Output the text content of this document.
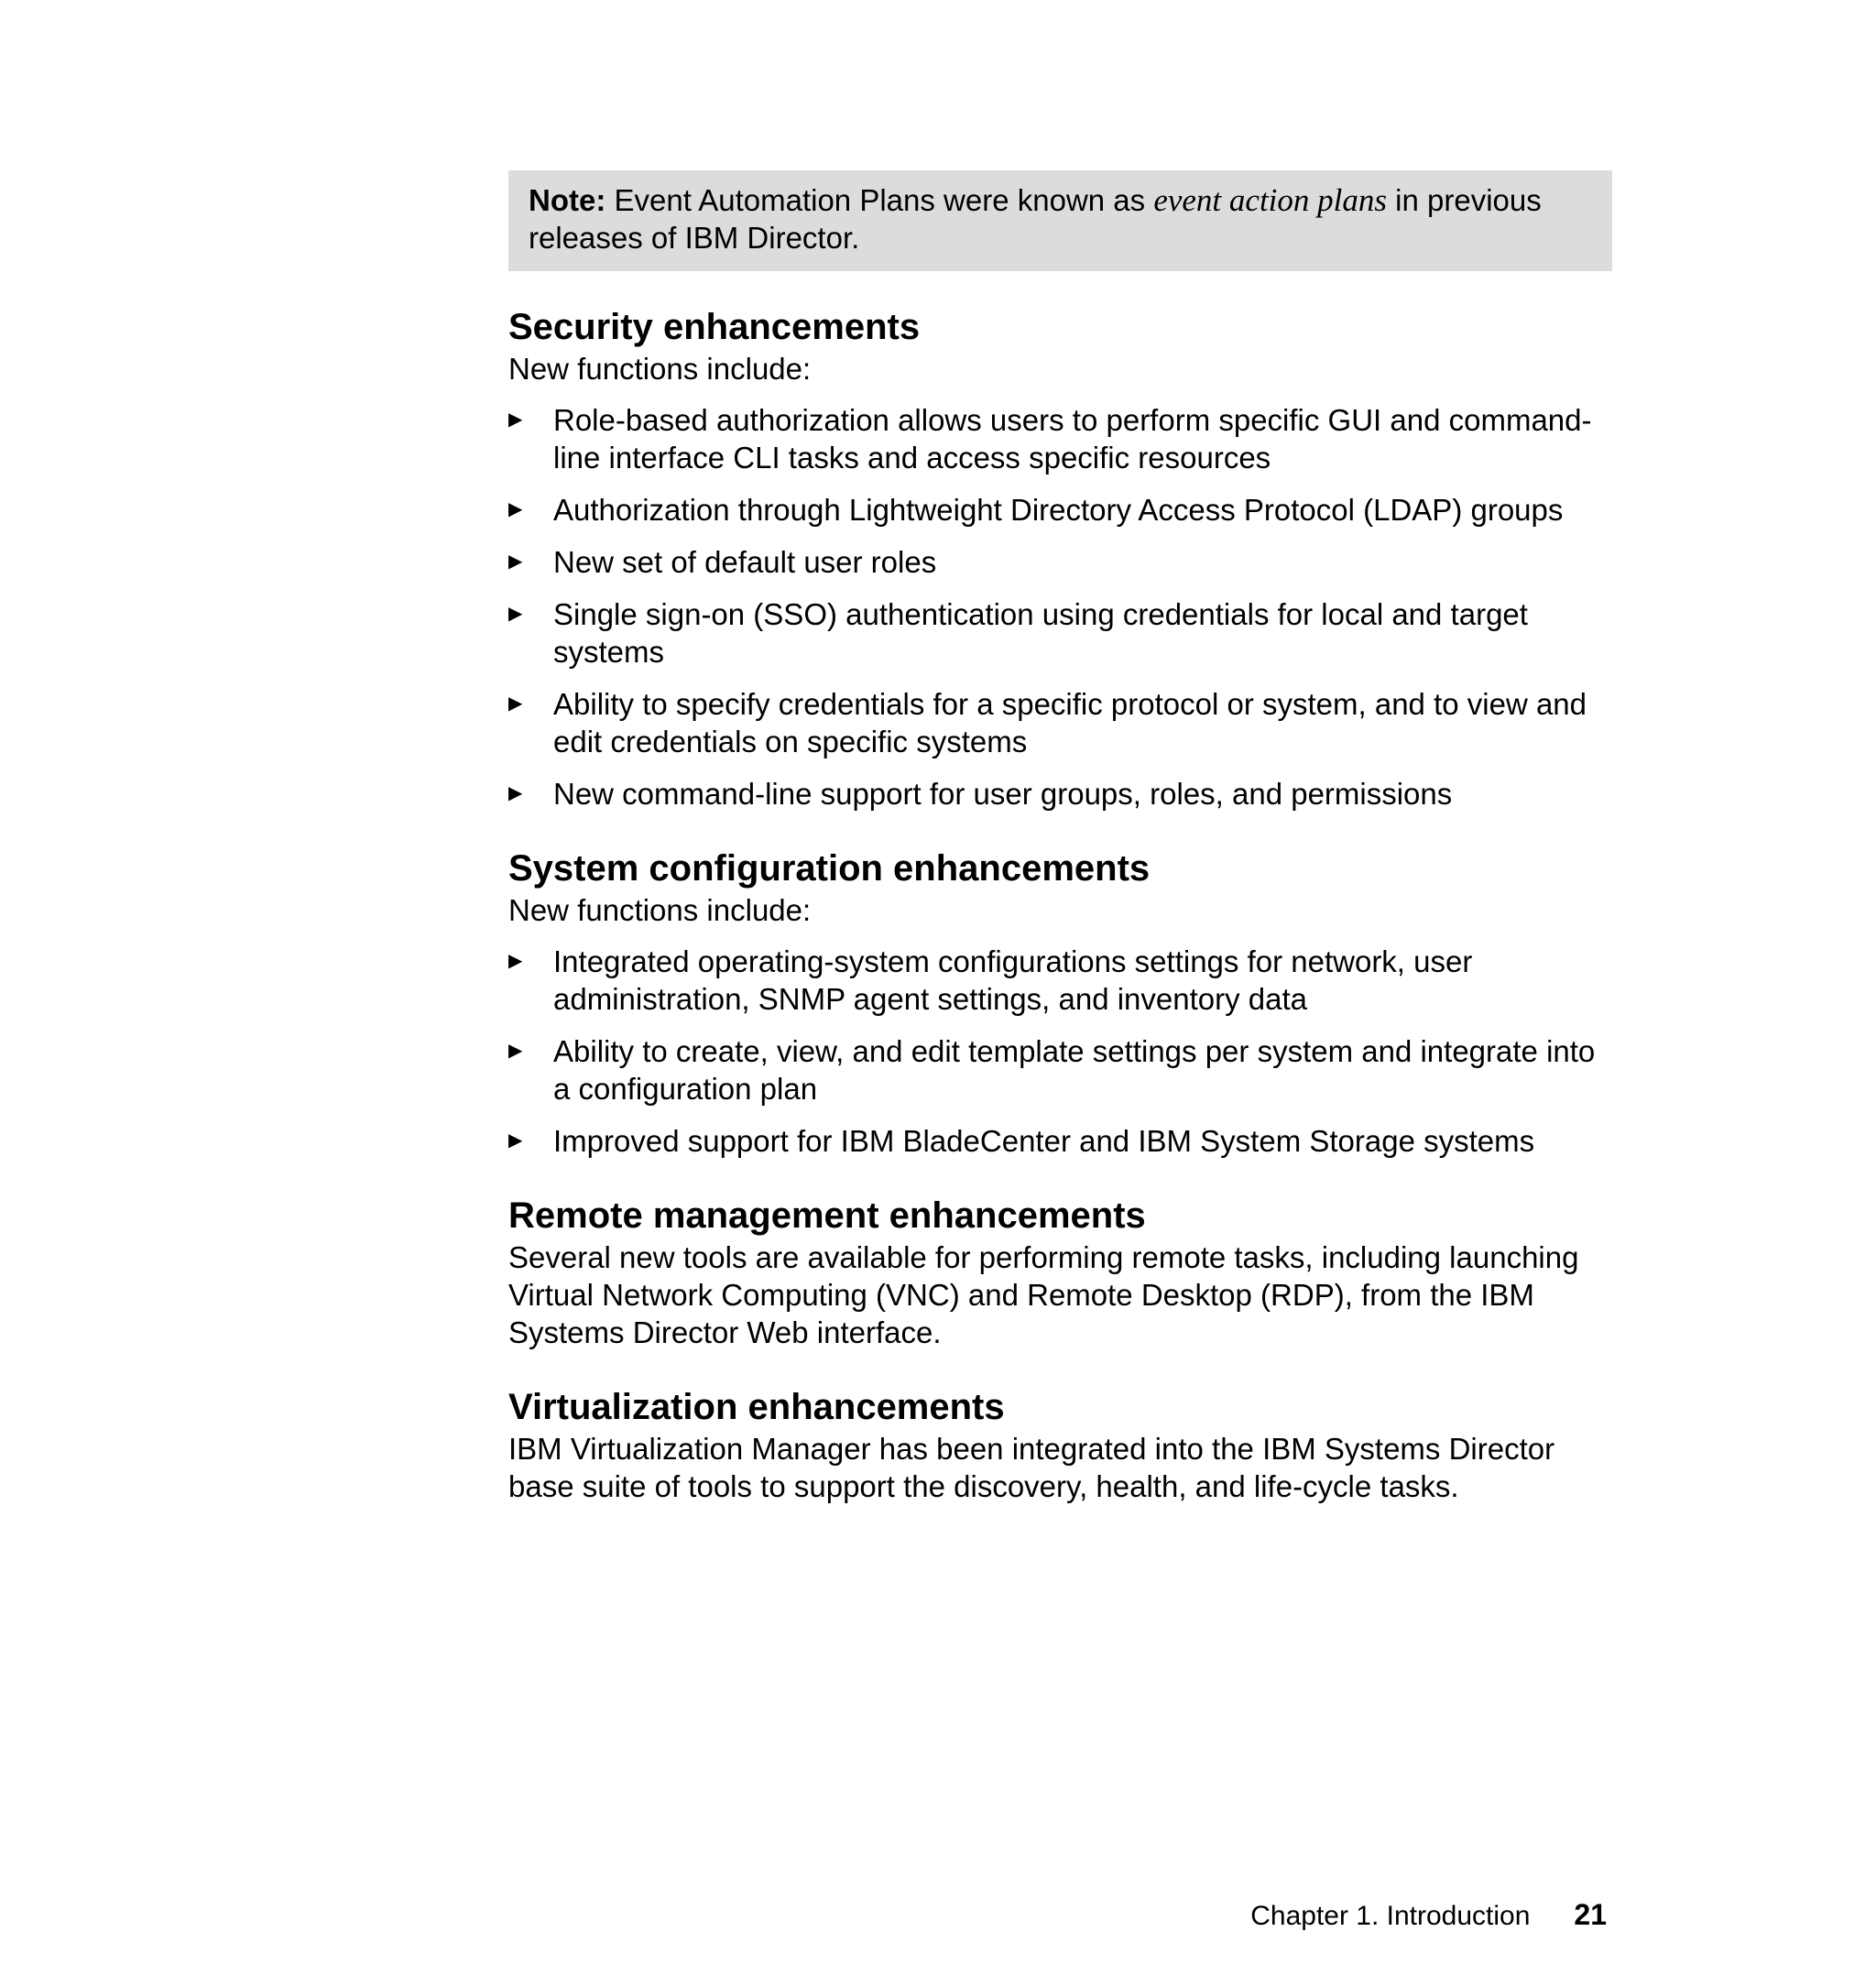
Note: Event Automation Plans were known as event action plans in previous releases of IBM Director.
Security enhancements

New functions include:

▶ Role-based authorization allows users to perform specific GUI and command-line interface CLI tasks and access specific resources
▶ Authorization through Lightweight Directory Access Protocol (LDAP) groups
▶ New set of default user roles
▶ Single sign-on (SSO) authentication using credentials for local and target systems
▶ Ability to specify credentials for a specific protocol or system, and to view and edit credentials on specific systems
▶ New command-line support for user groups, roles, and permissions
System configuration enhancements

New functions include:

▶ Integrated operating-system configurations settings for network, user administration, SNMP agent settings, and inventory data
▶ Ability to create, view, and edit template settings per system and integrate into a configuration plan
▶ Improved support for IBM BladeCenter and IBM System Storage systems
Remote management enhancements

Several new tools are available for performing remote tasks, including launching Virtual Network Computing (VNC) and Remote Desktop (RDP), from the IBM Systems Director Web interface.

Virtualization enhancements

IBM Virtualization Manager has been integrated into the IBM Systems Director base suite of tools to support the discovery, health, and life-cycle tasks.

Chapter 1. Introduction 21
